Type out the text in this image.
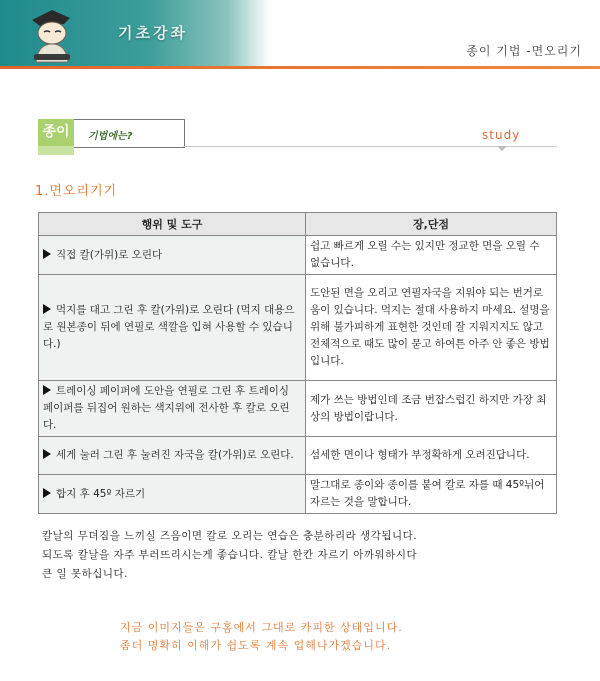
기초강좌
종이 기법 -면오리기
종이	기법에는?	study
1.면오리기기
행위 및 도구	장,단점
직접 칼(가위)로 오린다	쉽고 빠르게 오릴 수는 있지만 정교한 면을 오릴 수 없습니다.
먹지를 대고 그린 후 칼(가위)로 오린다 (먹지 대용으로 원본종이 뒤에 연필로 색깔을 입혀 사용할 수 있습니다.)	도안된 면을 오리고 연필자국을 지워야 되는 번거로움이 있습니다. 먹지는 절대 사용하지 마세요. 설명을 위해 불가피하게 표현한 것인데 잘 지워지지도 않고 전체적으로 때도 많이 묻고 하여튼 아주 안 좋은 방법입니다.
트레이싱 페이퍼에 도안을 연필로 그린 후 트레이싱 페이퍼를 뒤집어 원하는 색지위에 전사한 후 칼로 오린다.	제가 쓰는 방법인데 조금 번잡스럽긴 하지만 가장 최상의 방법이랍니다.
세게 눌러 그린 후 눌려진 자국을 칼(가위)로 오린다.	섬세한 면이나 형태가 부정확하게 오려진답니다.
합지 후 45º 자르기	말그대로 종이와 종이를 붙여 칼로 자를 때 45º뉘어 자르는 것을 말합니다.
칼날의 무뎌짐을 느끼실 즈음이면 칼로 오리는 연습은 충분하리라 생각됩니다.
되도록 칼날을 자주 부러뜨리시는게 좋습니다. 칼날 한칸 자르기 아까워하시다
큰 일 못하십니다.
지금 이미지들은 구홈에서 그대로 카피한 상태입니다.
좀더 명확히 이해가 쉽도록 계속 업해나가겠습니다.
